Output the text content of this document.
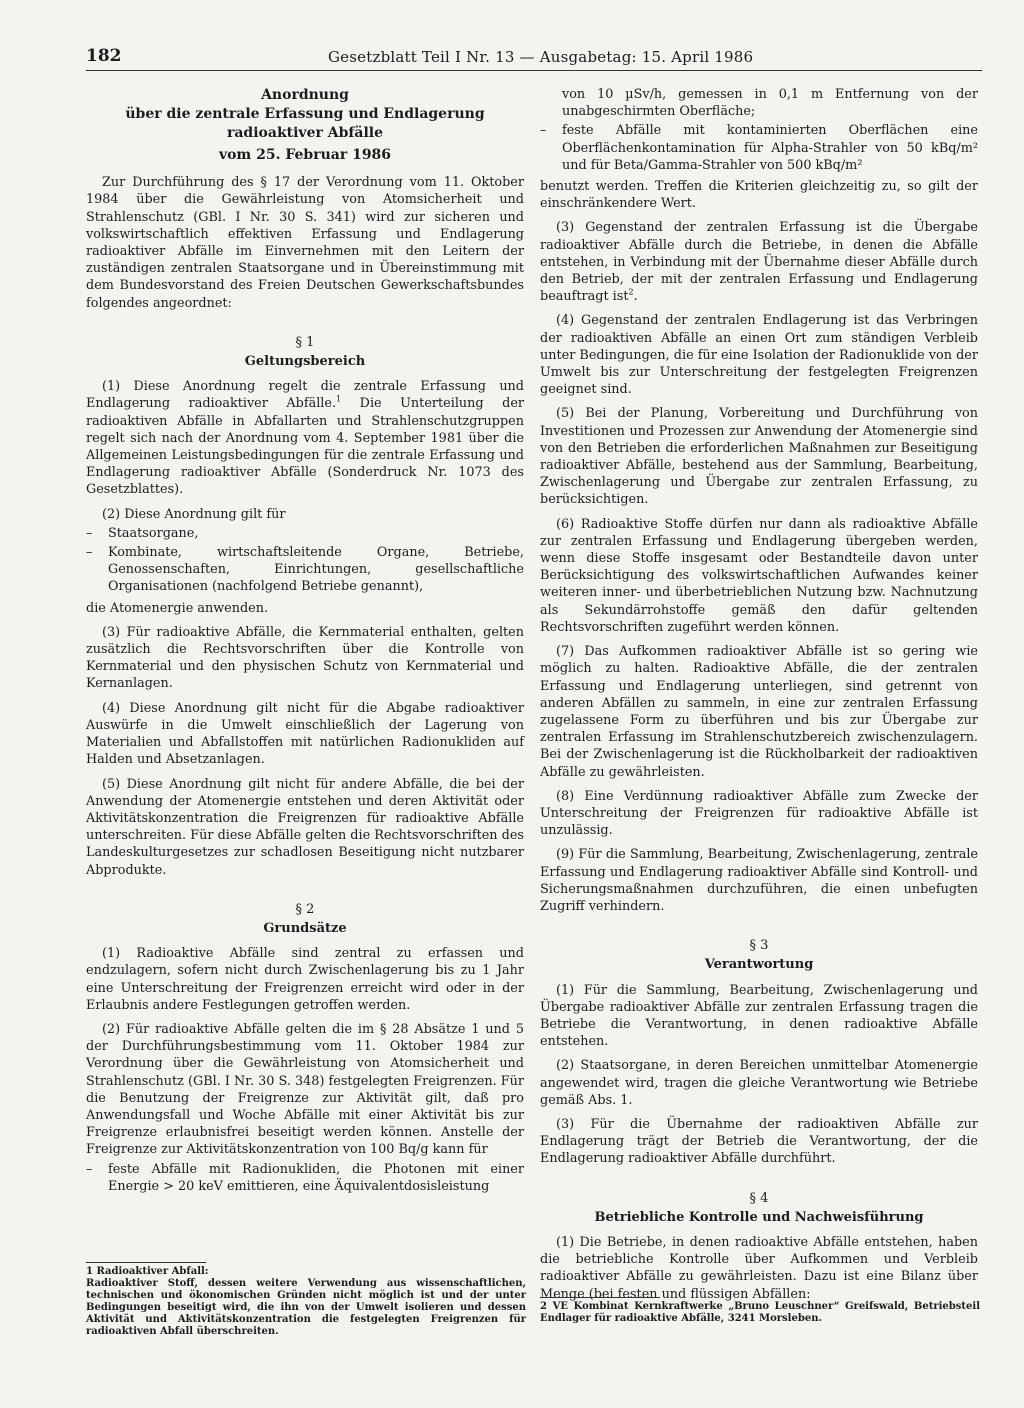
182	Gesetzblatt Teil I Nr. 13 — Ausgabetag: 15. April 1986

Anordnung

über die zentrale Erfassung und Endlagerung

radioaktiver Abfälle

vom 25. Februar 1986

Zur Durchführung des § 17 der Verordnung vom 11. Oktober 1984 über die Gewährleistung von Atomsicherheit und Strahlenschutz (GBl. I Nr. 30 S. 341) wird zur sicheren und volkswirtschaftlich effektiven Erfassung und Endlagerung radioaktiver Abfälle im Einvernehmen mit den Leitern der zuständigen zentralen Staatsorgane und in Übereinstimmung mit dem Bundesvorstand des Freien Deutschen Gewerkschaftsbundes folgendes angeordnet:

§ 1

Geltungsbereich

(1) Diese Anordnung regelt die zentrale Erfassung und Endlagerung radioaktiver Abfälle.$^1$ Die Unterteilung der radioaktiven Abfälle in Abfallarten und Strahlenschutzgruppen regelt sich nach der Anordnung vom 4. September 1981 über die Allgemeinen Leistungsbedingungen für die zentrale Erfassung und Endlagerung radioaktiver Abfälle (Sonderdruck Nr. 1073 des Gesetzblattes).

(2) Diese Anordnung gilt für

– Staatsorgane,
– Kombinate, wirtschaftsleitende Organe, Betriebe, Genossenschaften, Einrichtungen, gesellschaftliche Organisationen (nachfolgend Betriebe genannt),

die Atomenergie anwenden.

(3) Für radioaktive Abfälle, die Kernmaterial enthalten, gelten zusätzlich die Rechtsvorschriften über die Kontrolle von Kernmaterial und den physischen Schutz von Kernmaterial und Kernanlagen.

(4) Diese Anordnung gilt nicht für die Abgabe radioaktiver Auswürfe in die Umwelt einschließlich der Lagerung von Materialien und Abfallstoffen mit natürlichen Radionukliden auf Halden und Absetzanlagen.

(5) Diese Anordnung gilt nicht für andere Abfälle, die bei der Anwendung der Atomenergie entstehen und deren Aktivität oder Aktivitätskonzentration die Freigrenzen für radioaktive Abfälle unterschreiten. Für diese Abfälle gelten die Rechtsvorschriften des Landeskulturgesetzes zur schadlosen Beseitigung nicht nutzbarer Abprodukte.

§ 2

Grundsätze

(1) Radioaktive Abfälle sind zentral zu erfassen und endzulagern, sofern nicht durch Zwischenlagerung bis zu 1 Jahr eine Unterschreitung der Freigrenzen erreicht wird oder in der Erlaubnis andere Festlegungen getroffen werden.

(2) Für radioaktive Abfälle gelten die im § 28 Absätze 1 und 5 der Durchführungsbestimmung vom 11. Oktober 1984 zur Verordnung über die Gewährleistung von Atomsicherheit und Strahlenschutz (GBl. I Nr. 30 S. 348) festgelegten Freigrenzen. Für die Benutzung der Freigrenze zur Aktivität gilt, daß pro Anwendungsfall und Woche Abfälle mit einer Aktivität bis zur Freigrenze erlaubnisfrei beseitigt werden können. Anstelle der Freigrenze zur Aktivitätskonzentration von 100 Bq/g kann für

– feste Abfälle mit Radionukliden, die Photonen mit einer Energie > 20 keV emittieren, eine Äquivalentdosisleistung

von 10 µSv/h, gemessen in 0,1 m Entfernung von der unabgeschirmten Oberfläche;

– feste Abfälle mit kontaminierten Oberflächen eine Oberflächenkontamination für Alpha-Strahler von 50 kBq/m² und für Beta/Gamma-Strahler von 500 kBq/m²

benutzt werden. Treffen die Kriterien gleichzeitig zu, so gilt der einschränkendere Wert.

(3) Gegenstand der zentralen Erfassung ist die Übergabe radioaktiver Abfälle durch die Betriebe, in denen die Abfälle entstehen, in Verbindung mit der Übernahme dieser Abfälle durch den Betrieb, der mit der zentralen Erfassung und Endlagerung beauftragt ist$^2$.

(4) Gegenstand der zentralen Endlagerung ist das Verbringen der radioaktiven Abfälle an einen Ort zum ständigen Verbleib unter Bedingungen, die für eine Isolation der Radionuklide von der Umwelt bis zur Unterschreitung der festgelegten Freigrenzen geeignet sind.

(5) Bei der Planung, Vorbereitung und Durchführung von Investitionen und Prozessen zur Anwendung der Atomenergie sind von den Betrieben die erforderlichen Maßnahmen zur Beseitigung radioaktiver Abfälle, bestehend aus der Sammlung, Bearbeitung, Zwischenlagerung und Übergabe zur zentralen Erfassung, zu berücksichtigen.

(6) Radioaktive Stoffe dürfen nur dann als radioaktive Abfälle zur zentralen Erfassung und Endlagerung übergeben werden, wenn diese Stoffe insgesamt oder Bestandteile davon unter Berücksichtigung des volkswirtschaftlichen Aufwandes keiner weiteren inner- und überbetrieblichen Nutzung bzw. Nachnutzung als Sekundärrohstoffe gemäß den dafür geltenden Rechtsvorschriften zugeführt werden können.

(7) Das Aufkommen radioaktiver Abfälle ist so gering wie möglich zu halten. Radioaktive Abfälle, die der zentralen Erfassung und Endlagerung unterliegen, sind getrennt von anderen Abfällen zu sammeln, in eine zur zentralen Erfassung zugelassene Form zu überführen und bis zur Übergabe zur zentralen Erfassung im Strahlenschutzbereich zwischenzulagern. Bei der Zwischenlagerung ist die Rückholbarkeit der radioaktiven Abfälle zu gewährleisten.

(8) Eine Verdünnung radioaktiver Abfälle zum Zwecke der Unterschreitung der Freigrenzen für radioaktive Abfälle ist unzulässig.

(9) Für die Sammlung, Bearbeitung, Zwischenlagerung, zentrale Erfassung und Endlagerung radioaktiver Abfälle sind Kontroll- und Sicherungsmaßnahmen durchzuführen, die einen unbefugten Zugriff verhindern.

§ 3

Verantwortung

(1) Für die Sammlung, Bearbeitung, Zwischenlagerung und Übergabe radioaktiver Abfälle zur zentralen Erfassung tragen die Betriebe die Verantwortung, in denen radioaktive Abfälle entstehen.

(2) Staatsorgane, in deren Bereichen unmittelbar Atomenergie angewendet wird, tragen die gleiche Verantwortung wie Betriebe gemäß Abs. 1.

(3) Für die Übernahme der radioaktiven Abfälle zur Endlagerung trägt der Betrieb die Verantwortung, der die Endlagerung radioaktiver Abfälle durchführt.

§ 4

Betriebliche Kontrolle und Nachweisführung

(1) Die Betriebe, in denen radioaktive Abfälle entstehen, haben die betriebliche Kontrolle über Aufkommen und Verbleib radioaktiver Abfälle zu gewährleisten. Dazu ist eine Bilanz über Menge (bei festen und flüssigen Abfällen:

1 Radioaktiver Abfall:

Radioaktiver Stoff, dessen weitere Verwendung aus wissenschaftlichen, technischen und ökonomischen Gründen nicht möglich ist und der unter Bedingungen beseitigt wird, die ihn von der Umwelt isolieren und dessen Aktivität und Aktivitätskonzentration die festgelegten Freigrenzen für radioaktiven Abfall überschreiten.

2 VE Kombinat Kernkraftwerke „Bruno Leuschner“ Greifswald, Betriebsteil Endlager für radioaktive Abfälle, 3241 Morsleben.
